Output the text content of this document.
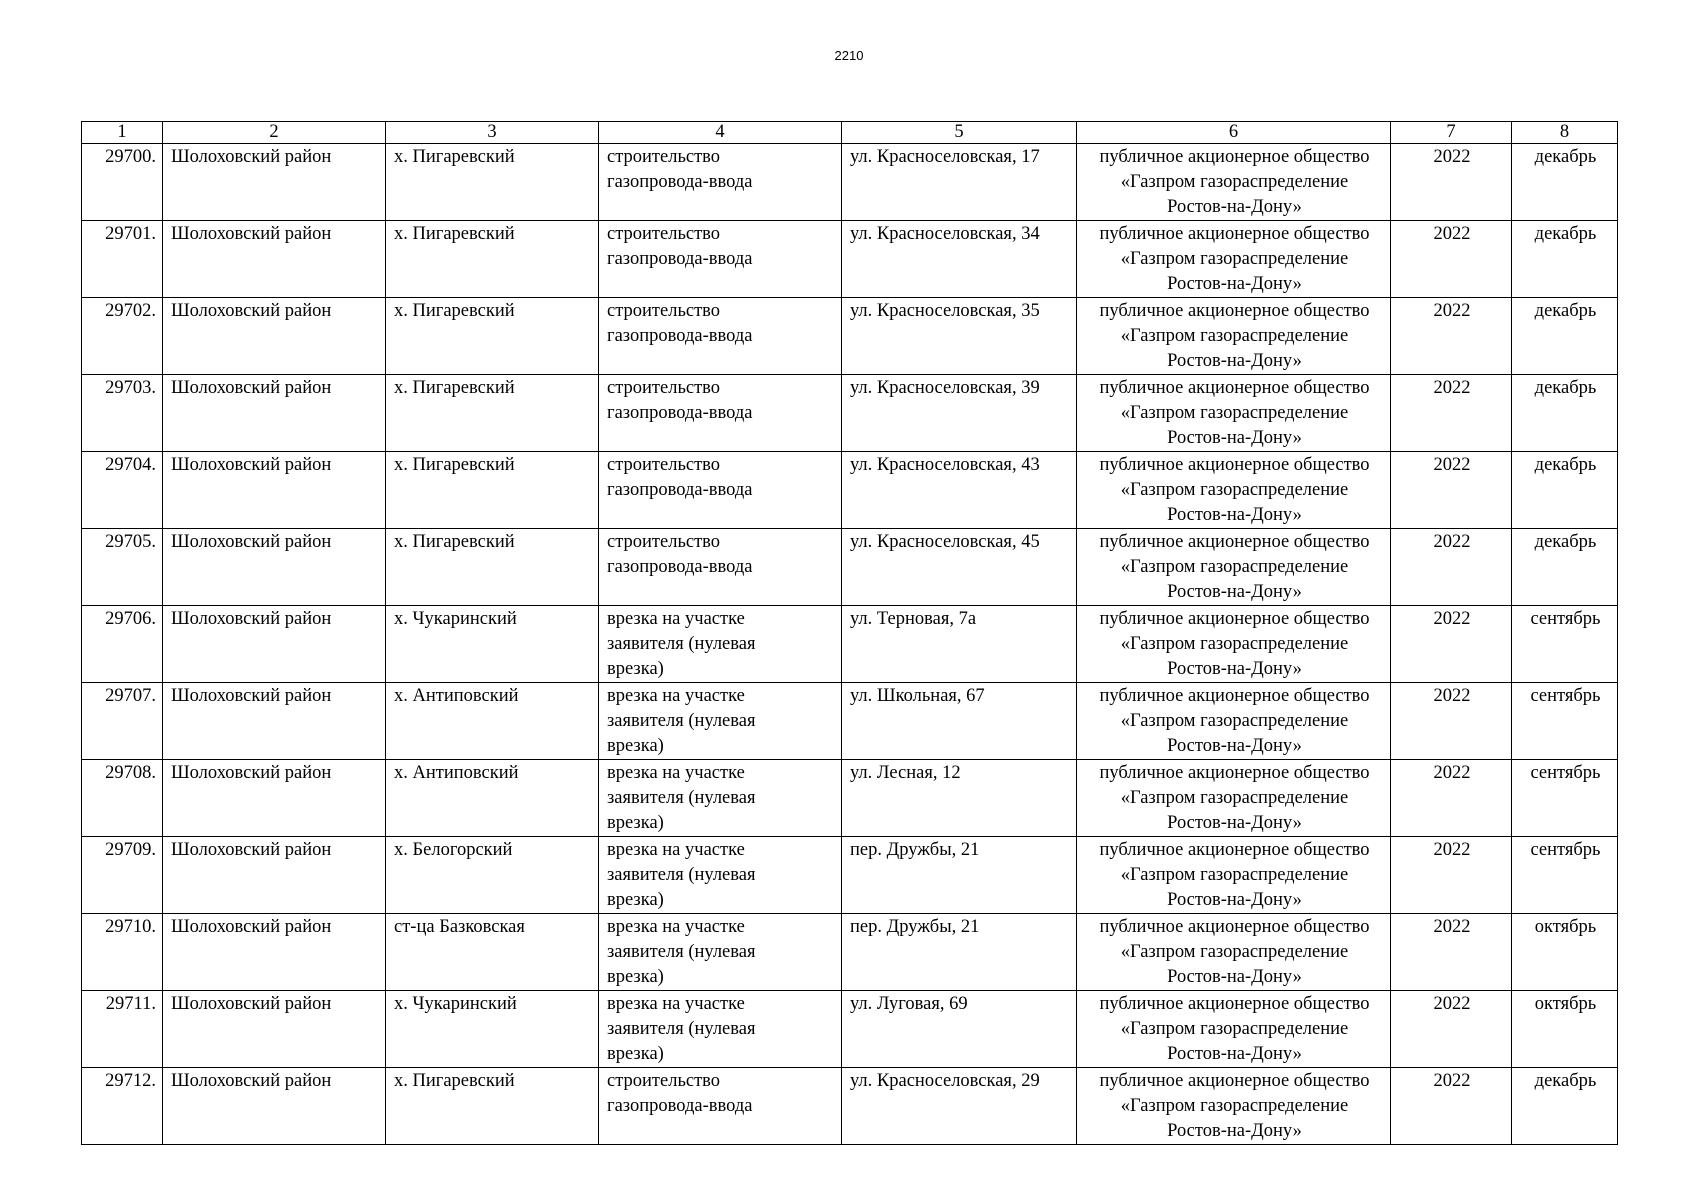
2210
1	2	3	4	5	6	7	8
29700.	Шолоховский район	х. Пигаревский	строительство
газопровода-ввода	ул. Красноселовская, 17	публичное акционерное общество
«Газпром газораспределение
Ростов-на-Дону»	2022	декабрь
29701.	Шолоховский район	х. Пигаревский	строительство
газопровода-ввода	ул. Красноселовская, 34	публичное акционерное общество
«Газпром газораспределение
Ростов-на-Дону»	2022	декабрь
29702.	Шолоховский район	х. Пигаревский	строительство
газопровода-ввода	ул. Красноселовская, 35	публичное акционерное общество
«Газпром газораспределение
Ростов-на-Дону»	2022	декабрь
29703.	Шолоховский район	х. Пигаревский	строительство
газопровода-ввода	ул. Красноселовская, 39	публичное акционерное общество
«Газпром газораспределение
Ростов-на-Дону»	2022	декабрь
29704.	Шолоховский район	х. Пигаревский	строительство
газопровода-ввода	ул. Красноселовская, 43	публичное акционерное общество
«Газпром газораспределение
Ростов-на-Дону»	2022	декабрь
29705.	Шолоховский район	х. Пигаревский	строительство
газопровода-ввода	ул. Красноселовская, 45	публичное акционерное общество
«Газпром газораспределение
Ростов-на-Дону»	2022	декабрь
29706.	Шолоховский район	х. Чукаринский	врезка на участке
заявителя (нулевая
врезка)	ул. Терновая, 7а	публичное акционерное общество
«Газпром газораспределение
Ростов-на-Дону»	2022	сентябрь
29707.	Шолоховский район	х. Антиповский	врезка на участке
заявителя (нулевая
врезка)	ул. Школьная, 67	публичное акционерное общество
«Газпром газораспределение
Ростов-на-Дону»	2022	сентябрь
29708.	Шолоховский район	х. Антиповский	врезка на участке
заявителя (нулевая
врезка)	ул. Лесная, 12	публичное акционерное общество
«Газпром газораспределение
Ростов-на-Дону»	2022	сентябрь
29709.	Шолоховский район	х. Белогорский	врезка на участке
заявителя (нулевая
врезка)	пер. Дружбы, 21	публичное акционерное общество
«Газпром газораспределение
Ростов-на-Дону»	2022	сентябрь
29710.	Шолоховский район	ст-ца Базковская	врезка на участке
заявителя (нулевая
врезка)	пер. Дружбы, 21	публичное акционерное общество
«Газпром газораспределение
Ростов-на-Дону»	2022	октябрь
29711.	Шолоховский район	х. Чукаринский	врезка на участке
заявителя (нулевая
врезка)	ул. Луговая, 69	публичное акционерное общество
«Газпром газораспределение
Ростов-на-Дону»	2022	октябрь
29712.	Шолоховский район	х. Пигаревский	строительство
газопровода-ввода	ул. Красноселовская, 29	публичное акционерное общество
«Газпром газораспределение
Ростов-на-Дону»	2022	декабрь
